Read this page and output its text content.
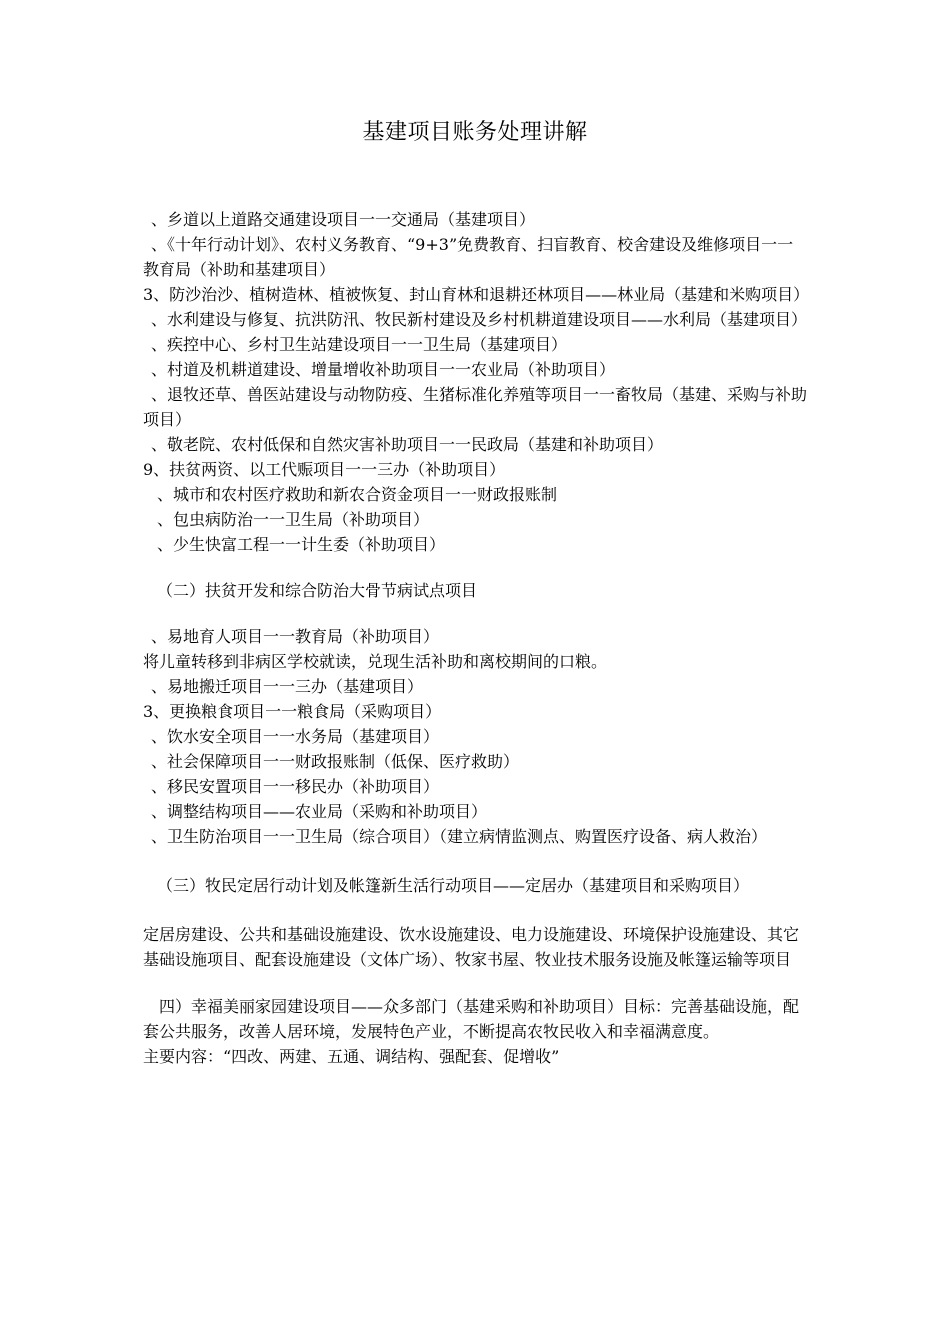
基建项目账务处理讲解

、乡道以上道路交通建设项目一一交通局（基建项目）

、《十年行动计划》、农村义务教育、“9+3”免费教育、扫盲教育、校舍建设及维修项目一一教育局（补助和基建项目）

3、防沙治沙、植树造林、植被恢复、封山育林和退耕还林项目——林业局（基建和米购项目）

、水利建设与修复、抗洪防汛、牧民新村建设及乡村机耕道建设项目——水利局（基建项目）

、疾控中心、乡村卫生站建设项目一一卫生局（基建项目）

、村道及机耕道建设、增量增收补助项目一一农业局（补助项目）

、退牧还草、兽医站建设与动物防疫、生猪标准化养殖等项目一一畜牧局（基建、采购与补助项目）

、敬老院、农村低保和自然灾害补助项目一一民政局（基建和补助项目）

9、扶贫两资、以工代赈项目一一三办（补助项目）

、城市和农村医疗救助和新农合资金项目一一财政报账制

、包虫病防治一一卫生局（补助项目）

、少生快富工程一一计生委（补助项目）

（二）扶贫开发和综合防治大骨节病试点项目

、易地育人项目一一教育局（补助项目）

将儿童转移到非病区学校就读，兑现生活补助和离校期间的口粮。

、易地搬迁项目一一三办（基建项目）

3、更换粮食项目一一粮食局（采购项目）

、饮水安全项目一一水务局（基建项目）

、社会保障项目一一财政报账制（低保、医疗救助）

、移民安置项目一一移民办（补助项目）

、调整结构项目——农业局（采购和补助项目）

、卫生防治项目一一卫生局（综合项目）（建立病情监测点、购置医疗设备、病人救治）

（三）牧民定居行动计划及帐篷新生活行动项目——定居办（基建项目和采购项目）

定居房建设、公共和基础设施建设、饮水设施建设、电力设施建设、环境保护设施建设、其它基础设施项目、配套设施建设（文体广场）、牧家书屋、牧业技术服务设施及帐篷运输等项目

四）幸福美丽家园建设项目——众多部门（基建采购和补助项目）目标：完善基础设施，配套公共服务，改善人居环境，发展特色产业，不断提高农牧民收入和幸福满意度。

主要内容：“四改、两建、五通、调结构、强配套、促增收”
